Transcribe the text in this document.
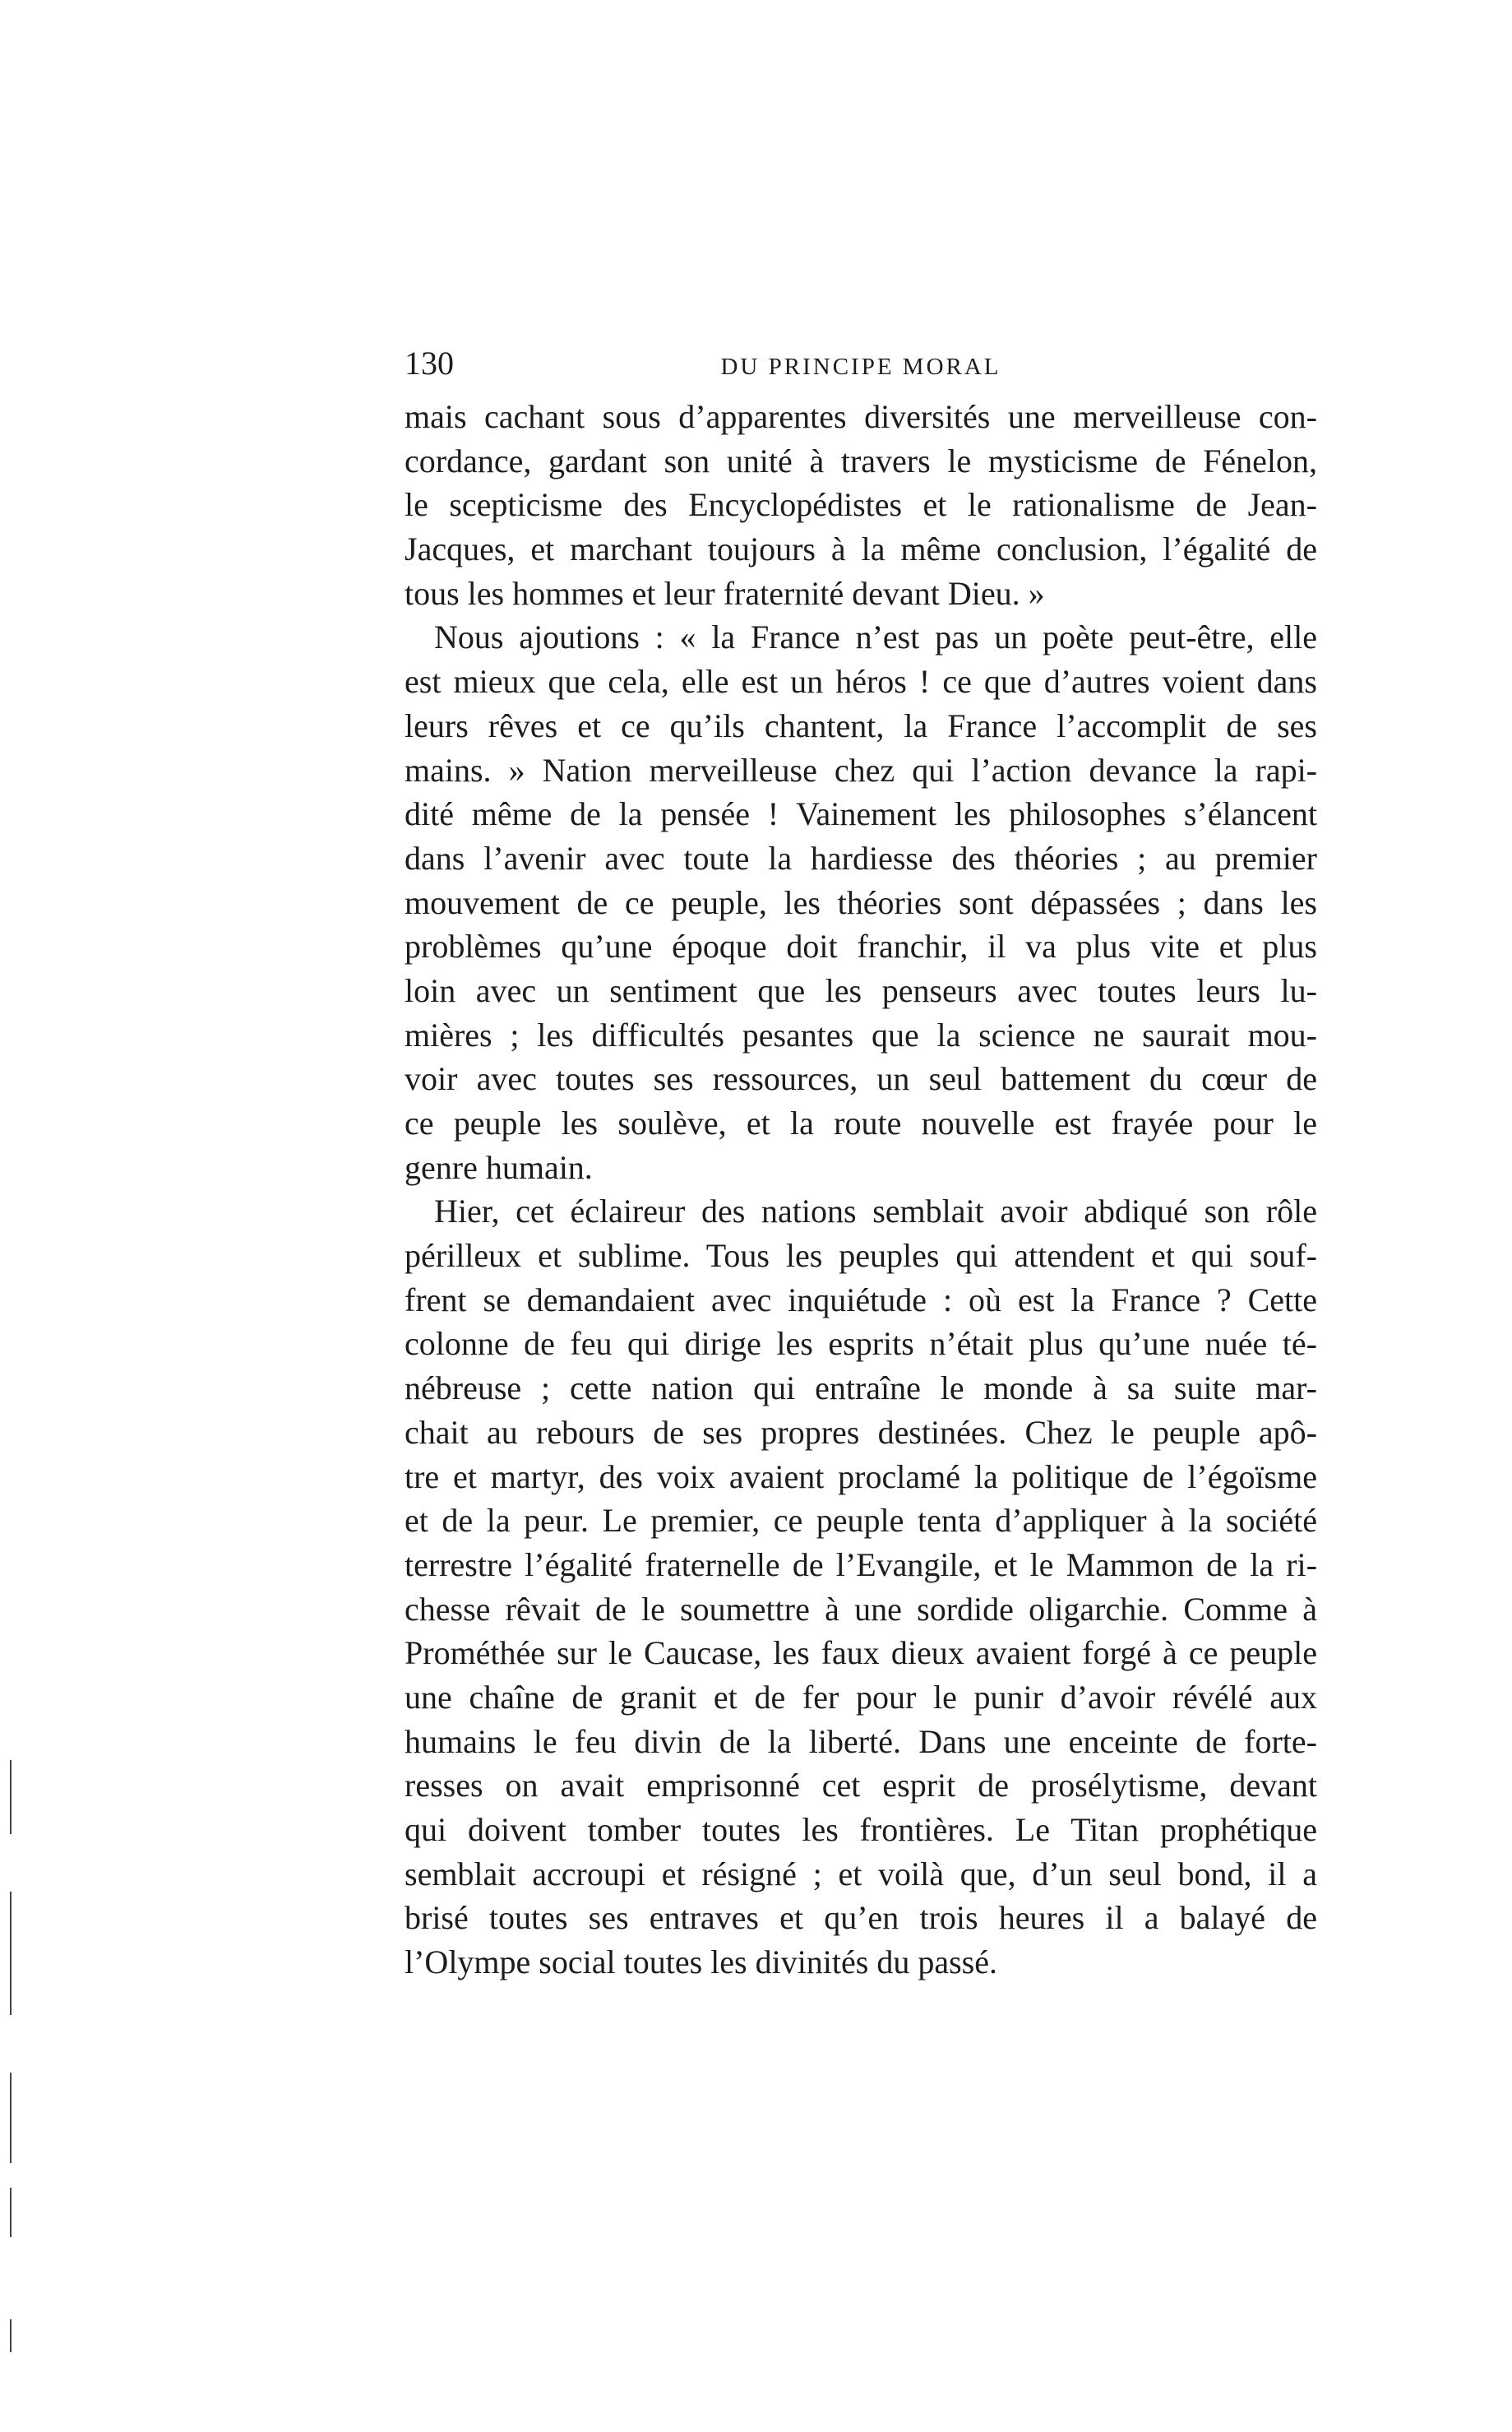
130	DU PRINCIPE MORAL
mais cachant sous d’apparentes diversités une merveilleuse con-
cordance, gardant son unité à travers le mysticisme de Fénelon,
le scepticisme des Encyclopédistes et le rationalisme de Jean-
Jacques, et marchant toujours à la même conclusion, l’égalité de
tous les hommes et leur fraternité devant Dieu. »
Nous ajoutions : « la France n’est pas un poète peut-être, elle
est mieux que cela, elle est un héros ! ce que d’autres voient dans
leurs rêves et ce qu’ils chantent, la France l’accomplit de ses
mains. » Nation merveilleuse chez qui l’action devance la rapi-
dité même de la pensée ! Vainement les philosophes s’élancent
dans l’avenir avec toute la hardiesse des théories ; au premier
mouvement de ce peuple, les théories sont dépassées ; dans les
problèmes qu’une époque doit franchir, il va plus vite et plus
loin avec un sentiment que les penseurs avec toutes leurs lu-
mières ; les difficultés pesantes que la science ne saurait mou-
voir avec toutes ses ressources, un seul battement du cœur de
ce peuple les soulève, et la route nouvelle est frayée pour le
genre humain.
Hier, cet éclaireur des nations semblait avoir abdiqué son rôle
périlleux et sublime. Tous les peuples qui attendent et qui souf-
frent se demandaient avec inquiétude : où est la France ? Cette
colonne de feu qui dirige les esprits n’était plus qu’une nuée té-
nébreuse ; cette nation qui entraîne le monde à sa suite mar-
chait au rebours de ses propres destinées. Chez le peuple apô-
tre et martyr, des voix avaient proclamé la politique de l’égoïsme
et de la peur. Le premier, ce peuple tenta d’appliquer à la société
terrestre l’égalité fraternelle de l’Evangile, et le Mammon de la ri-
chesse rêvait de le soumettre à une sordide oligarchie. Comme à
Prométhée sur le Caucase, les faux dieux avaient forgé à ce peuple
une chaîne de granit et de fer pour le punir d’avoir révélé aux
humains le feu divin de la liberté. Dans une enceinte de forte-
resses on avait emprisonné cet esprit de prosélytisme, devant
qui doivent tomber toutes les frontières. Le Titan prophétique
semblait accroupi et résigné ; et voilà que, d’un seul bond, il a
brisé toutes ses entraves et qu’en trois heures il a balayé de
l’Olympe social toutes les divinités du passé.
